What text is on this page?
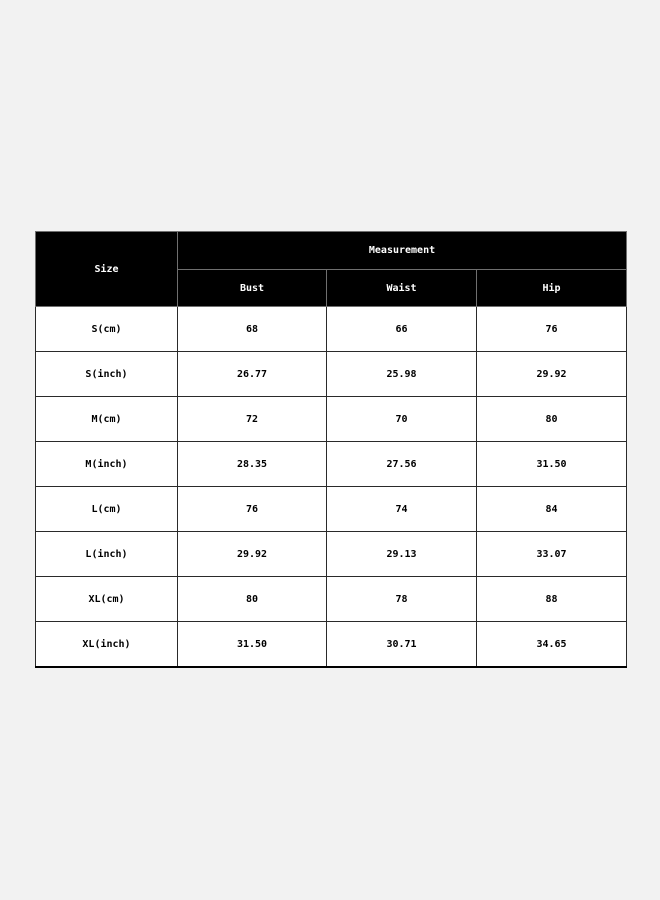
Size	Measurement		
	Bust	Waist	Hip
S(cm)	68	66	76
S(inch)	26.77	25.98	29.92
M(cm)	72	70	80
M(inch)	28.35	27.56	31.50
L(cm)	76	74	84
L(inch)	29.92	29.13	33.07
XL(cm)	80	78	88
XL(inch)	31.50	30.71	34.65
